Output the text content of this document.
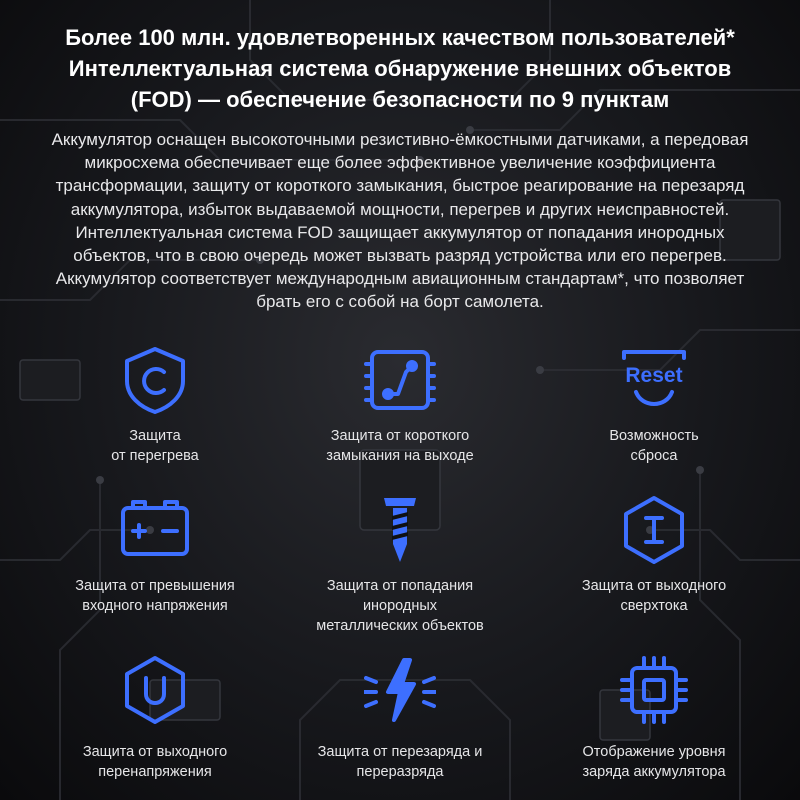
Более 100 млн. удовлетворенных качеством пользователей*
Интеллектуальная система обнаружение внешних объектов
(FOD) — обеспечение безопасности по 9 пунктам

Аккумулятор оснащен высокоточными резистивно-ёмкостными датчиками, а передовая микросхема обеспечивает еще более эффективное увеличение коэффициента трансформации, защиту от короткого замыкания, быстрое реагирование на перезаряд аккумулятора, избыток выдаваемой мощности, перегрев и других неисправностей. Интеллектуальная система FOD защищает аккумулятор от попадания инородных объектов, что в свою очередь может вызвать разряд устройства или его перегрев. Аккумулятор соответствует международным авиационным стандартам*, что позволяет брать его с собой на борт самолета.

Защита
от перегрева
Защита от короткого
замыкания на выходе
Reset
Возможность
сброса
Защита от превышения
входного напряжения
Защита от попадания
инородных
металлических объектов
Защита от выходного
сверхтока
Защита от выходного
перенапряжения
Защита от перезаряда и
переразряда
Отображение уровня
заряда аккумулятора
